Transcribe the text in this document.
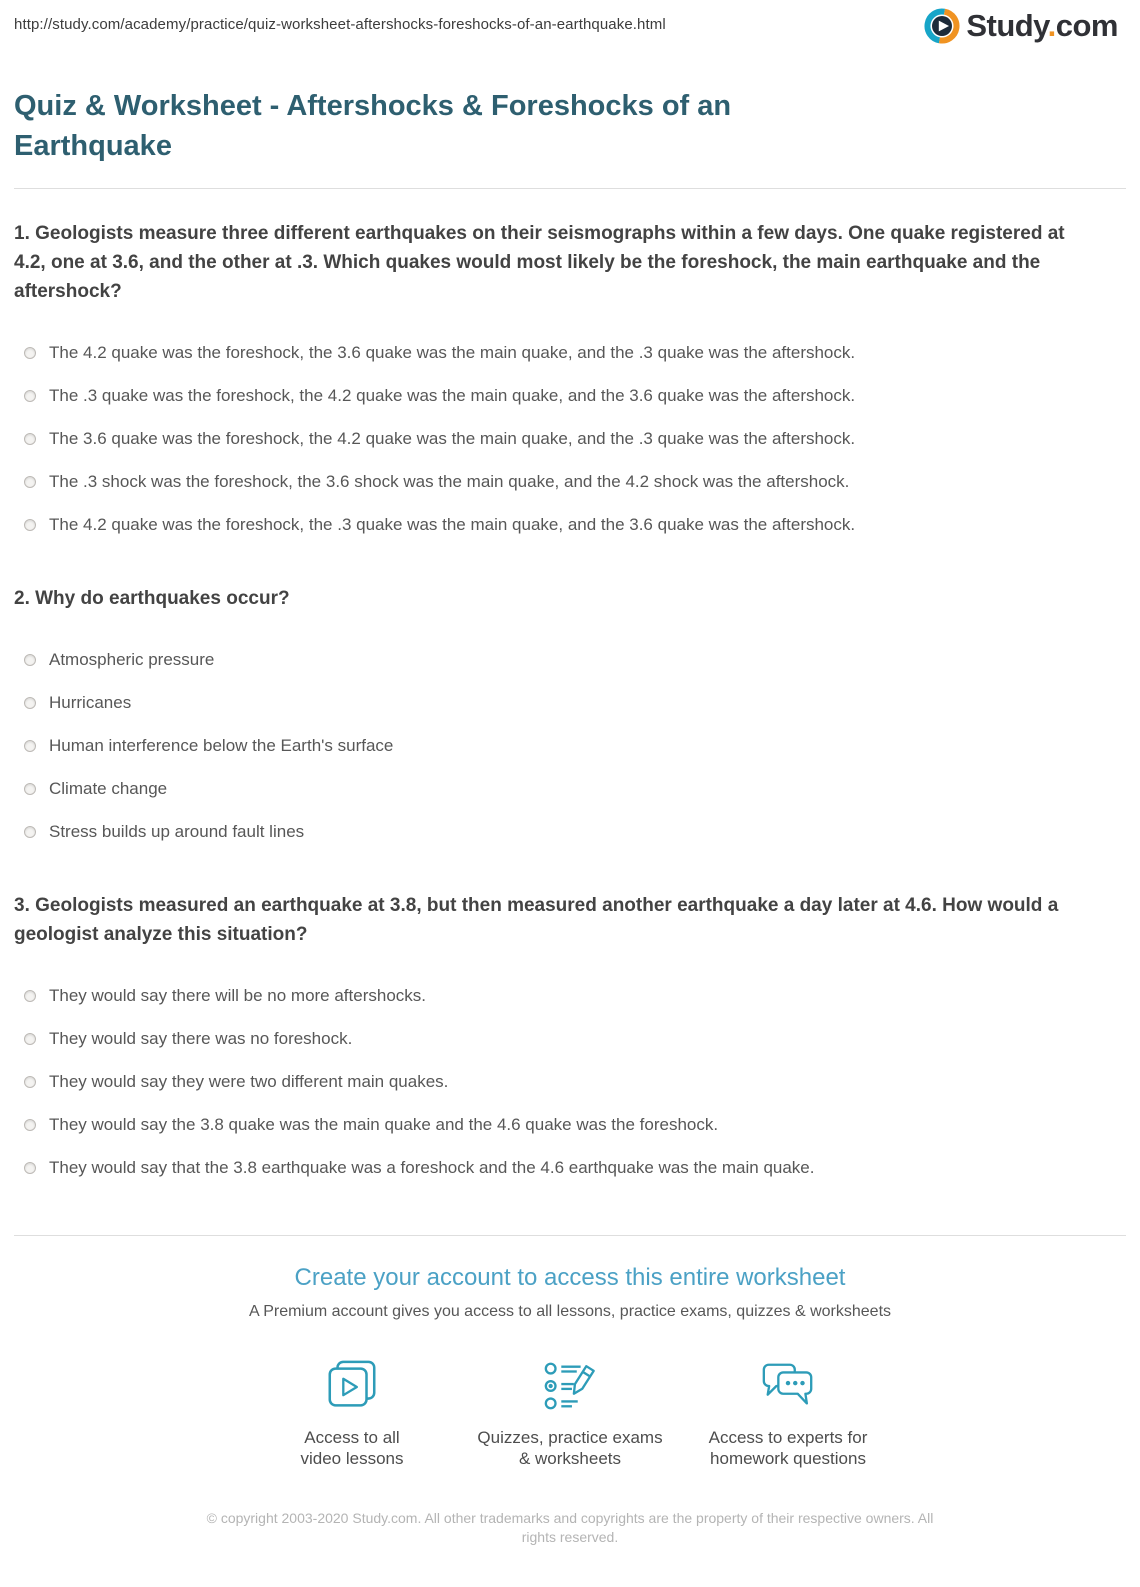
http://study.com/academy/practice/quiz-worksheet-aftershocks-foreshocks-of-an-earthquake.html	Study.com
Quiz & Worksheet - Aftershocks & Foreshocks of an Earthquake

1. Geologists measure three different earthquakes on their seismographs within a few days. One quake registered at 4.2, one at 3.6, and the other at .3. Which quakes would most likely be the foreshock, the main earthquake and the aftershock?

The 4.2 quake was the foreshock, the 3.6 quake was the main quake, and the .3 quake was the aftershock.
The .3 quake was the foreshock, the 4.2 quake was the main quake, and the 3.6 quake was the aftershock.
The 3.6 quake was the foreshock, the 4.2 quake was the main quake, and the .3 quake was the aftershock.
The .3 shock was the foreshock, the 3.6 shock was the main quake, and the 4.2 shock was the aftershock.
The 4.2 quake was the foreshock, the .3 quake was the main quake, and the 3.6 quake was the aftershock.

2. Why do earthquakes occur?

Atmospheric pressure
Hurricanes
Human interference below the Earth's surface
Climate change
Stress builds up around fault lines

3. Geologists measured an earthquake at 3.8, but then measured another earthquake a day later at 4.6. How would a geologist analyze this situation?

They would say there will be no more aftershocks.
They would say there was no foreshock.
They would say they were two different main quakes.
They would say the 3.8 quake was the main quake and the 4.6 quake was the foreshock.
They would say that the 3.8 earthquake was a foreshock and the 4.6 earthquake was the main quake.
Create your account to access this entire worksheet
A Premium account gives you access to all lessons, practice exams, quizzes & worksheets
Access to all
video lessons
Quizzes, practice exams
& worksheets
Access to experts for
homework questions
© copyright 2003-2020 Study.com. All other trademarks and copyrights are the property of their respective owners. All rights reserved.
